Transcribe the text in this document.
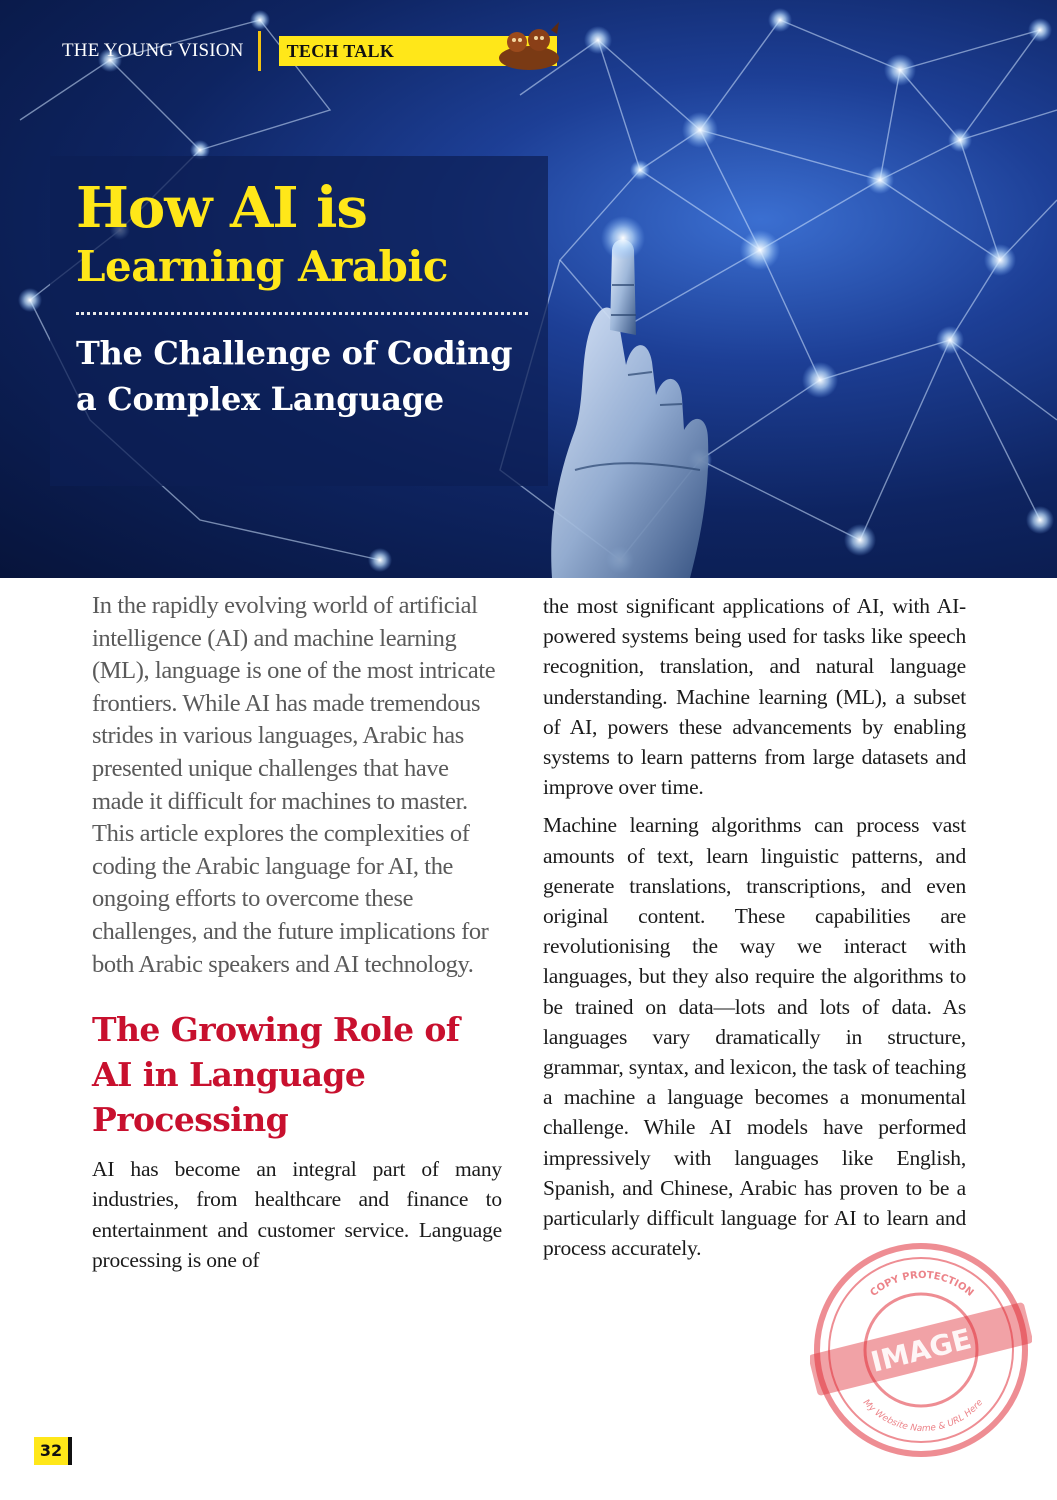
THE YOUNG VISION	TECH TALK
How AI is
Learning Arabic
The Challenge of Coding a Complex Language

In the rapidly evolving world of artificial intelligence (AI) and machine learning (ML), language is one of the most intricate frontiers. While AI has made tremendous strides in various languages, Arabic has presented unique challenges that have made it difficult for machines to master. This article explores the complexities of coding the Arabic language for AI, the ongoing efforts to overcome these challenges, and the future implications for both Arabic speakers and AI technology.

The Growing Role of AI in Language Processing

AI has become an integral part of many industries, from healthcare and finance to entertainment and customer service. Language processing is one of

the most significant applications of AI, with AI-powered systems being used for tasks like speech recognition, translation, and natural language understanding. Machine learning (ML), a subset of AI, powers these advancements by enabling systems to learn patterns from large datasets and improve over time.

Machine learning algorithms can process vast amounts of text, learn linguistic patterns, and generate translations, transcriptions, and even original content. These capabilities are revolutionising the way we interact with languages, but they also require the algorithms to be trained on data—lots and lots of data. As languages vary dramatically in structure, grammar, syntax, and lexicon, the task of teaching a machine a language becomes a monumental challenge. While AI models have performed impressively with languages like English, Spanish, and Chinese, Arabic has proven to be a particularly difficult language for AI to learn and process accurately.

32
IMAGE
COPY PROTECTION
My Website Name & URL Here
